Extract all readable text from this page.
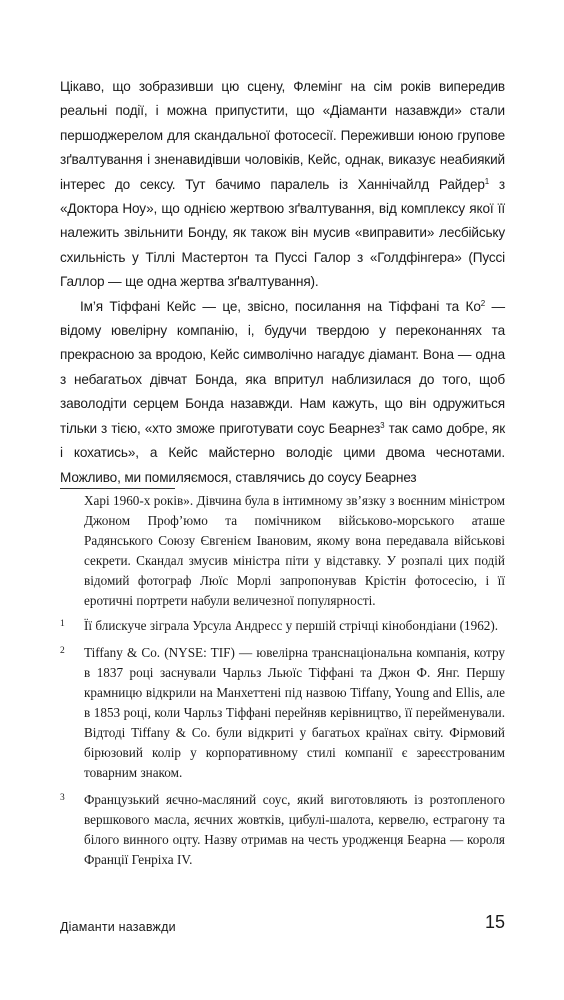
Цікаво, що зобразивши цю сцену, Флемінг на сім років випередив реальні події, і можна припустити, що «Діаманти назавжди» стали першоджерелом для скандальної фотосесії. Переживши юною групове зґвалтування і зненавидівши чоловіків, Кейс, однак, виказує неабиякий інтерес до сексу. Тут бачимо паралель із Ханнічайлд Райдер$^1$ з «Доктора Ноу», що однією жертвою зґвалтування, від комплексу якої її належить звільнити Бонду, як також він мусив «виправити» лесбійську схильність у Тіллі Мастертон та Пуссі Галор з «Голдфінгера» (Пуссі Галлор — ще одна жертва зґвалтування).

Ім’я Тіффані Кейс — це, звісно, посилання на Тіффані та $Ко^2$ — відому ювелірну компанію, і, будучи твердою у переконаннях та прекрасною за вродою, Кейс символічно нагадує діамант. Вона — одна з небагатьох дівчат Бонда, яка впритул наблизилася до того, щоб заволодіти серцем Бонда назавжди. Нам кажуть, що він одружиться тільки з тією, «хто зможе приготувати соус Беарнез$^3$ так само добре, як і кохатись», а Кейс майстерно володіє цими двома чеснотами. Можливо, ми помиляємося, ставлячись до соусу Беарнез

Харі 1960-х років». Дівчина була в інтимному зв’язку з воєнним міністром Джоном Проф’юмо та помічником військово-морського аташе Радянського Союзу Євгенієм Івановим, якому вона передавала військові секрети. Скандал змусив міністра піти у відставку. У розпалі цих подій відомий фотограф Люїс Морлі запропонував Крістін фотосесію, і її еротичні портрети набули величезної популярності.
1 Її блискуче зіграла Урсула Андресс у першій стрічці кінобондіани (1962).
2 Tiffany & Co. (NYSE: TIF) — ювелірна транснаціональна компанія, котру в 1837 році заснували Чарльз Льюїс Тіффані та Джон Ф. Янг. Першу крамницю відкрили на Манхеттені під назвою Tiffany, Young and Ellis, але в 1853 році, коли Чарльз Тіффані перейняв керівництво, її перейменували. Відтоді Tiffany & Co. були відкриті у багатьох країнах світу. Фірмовий бірюзовий колір у корпоративному стилі компанії є зареєстрованим товарним знаком.
3 Французький яєчно-масляний соус, який виготовляють із розтопленого вершкового масла, яєчних жовтків, цибулі-шалота, кервелю, естрагону та білого винного оцту. Назву отримав на честь уродженця Беарна — короля Франції Генріха IV.
Діаманти назавжди	15
